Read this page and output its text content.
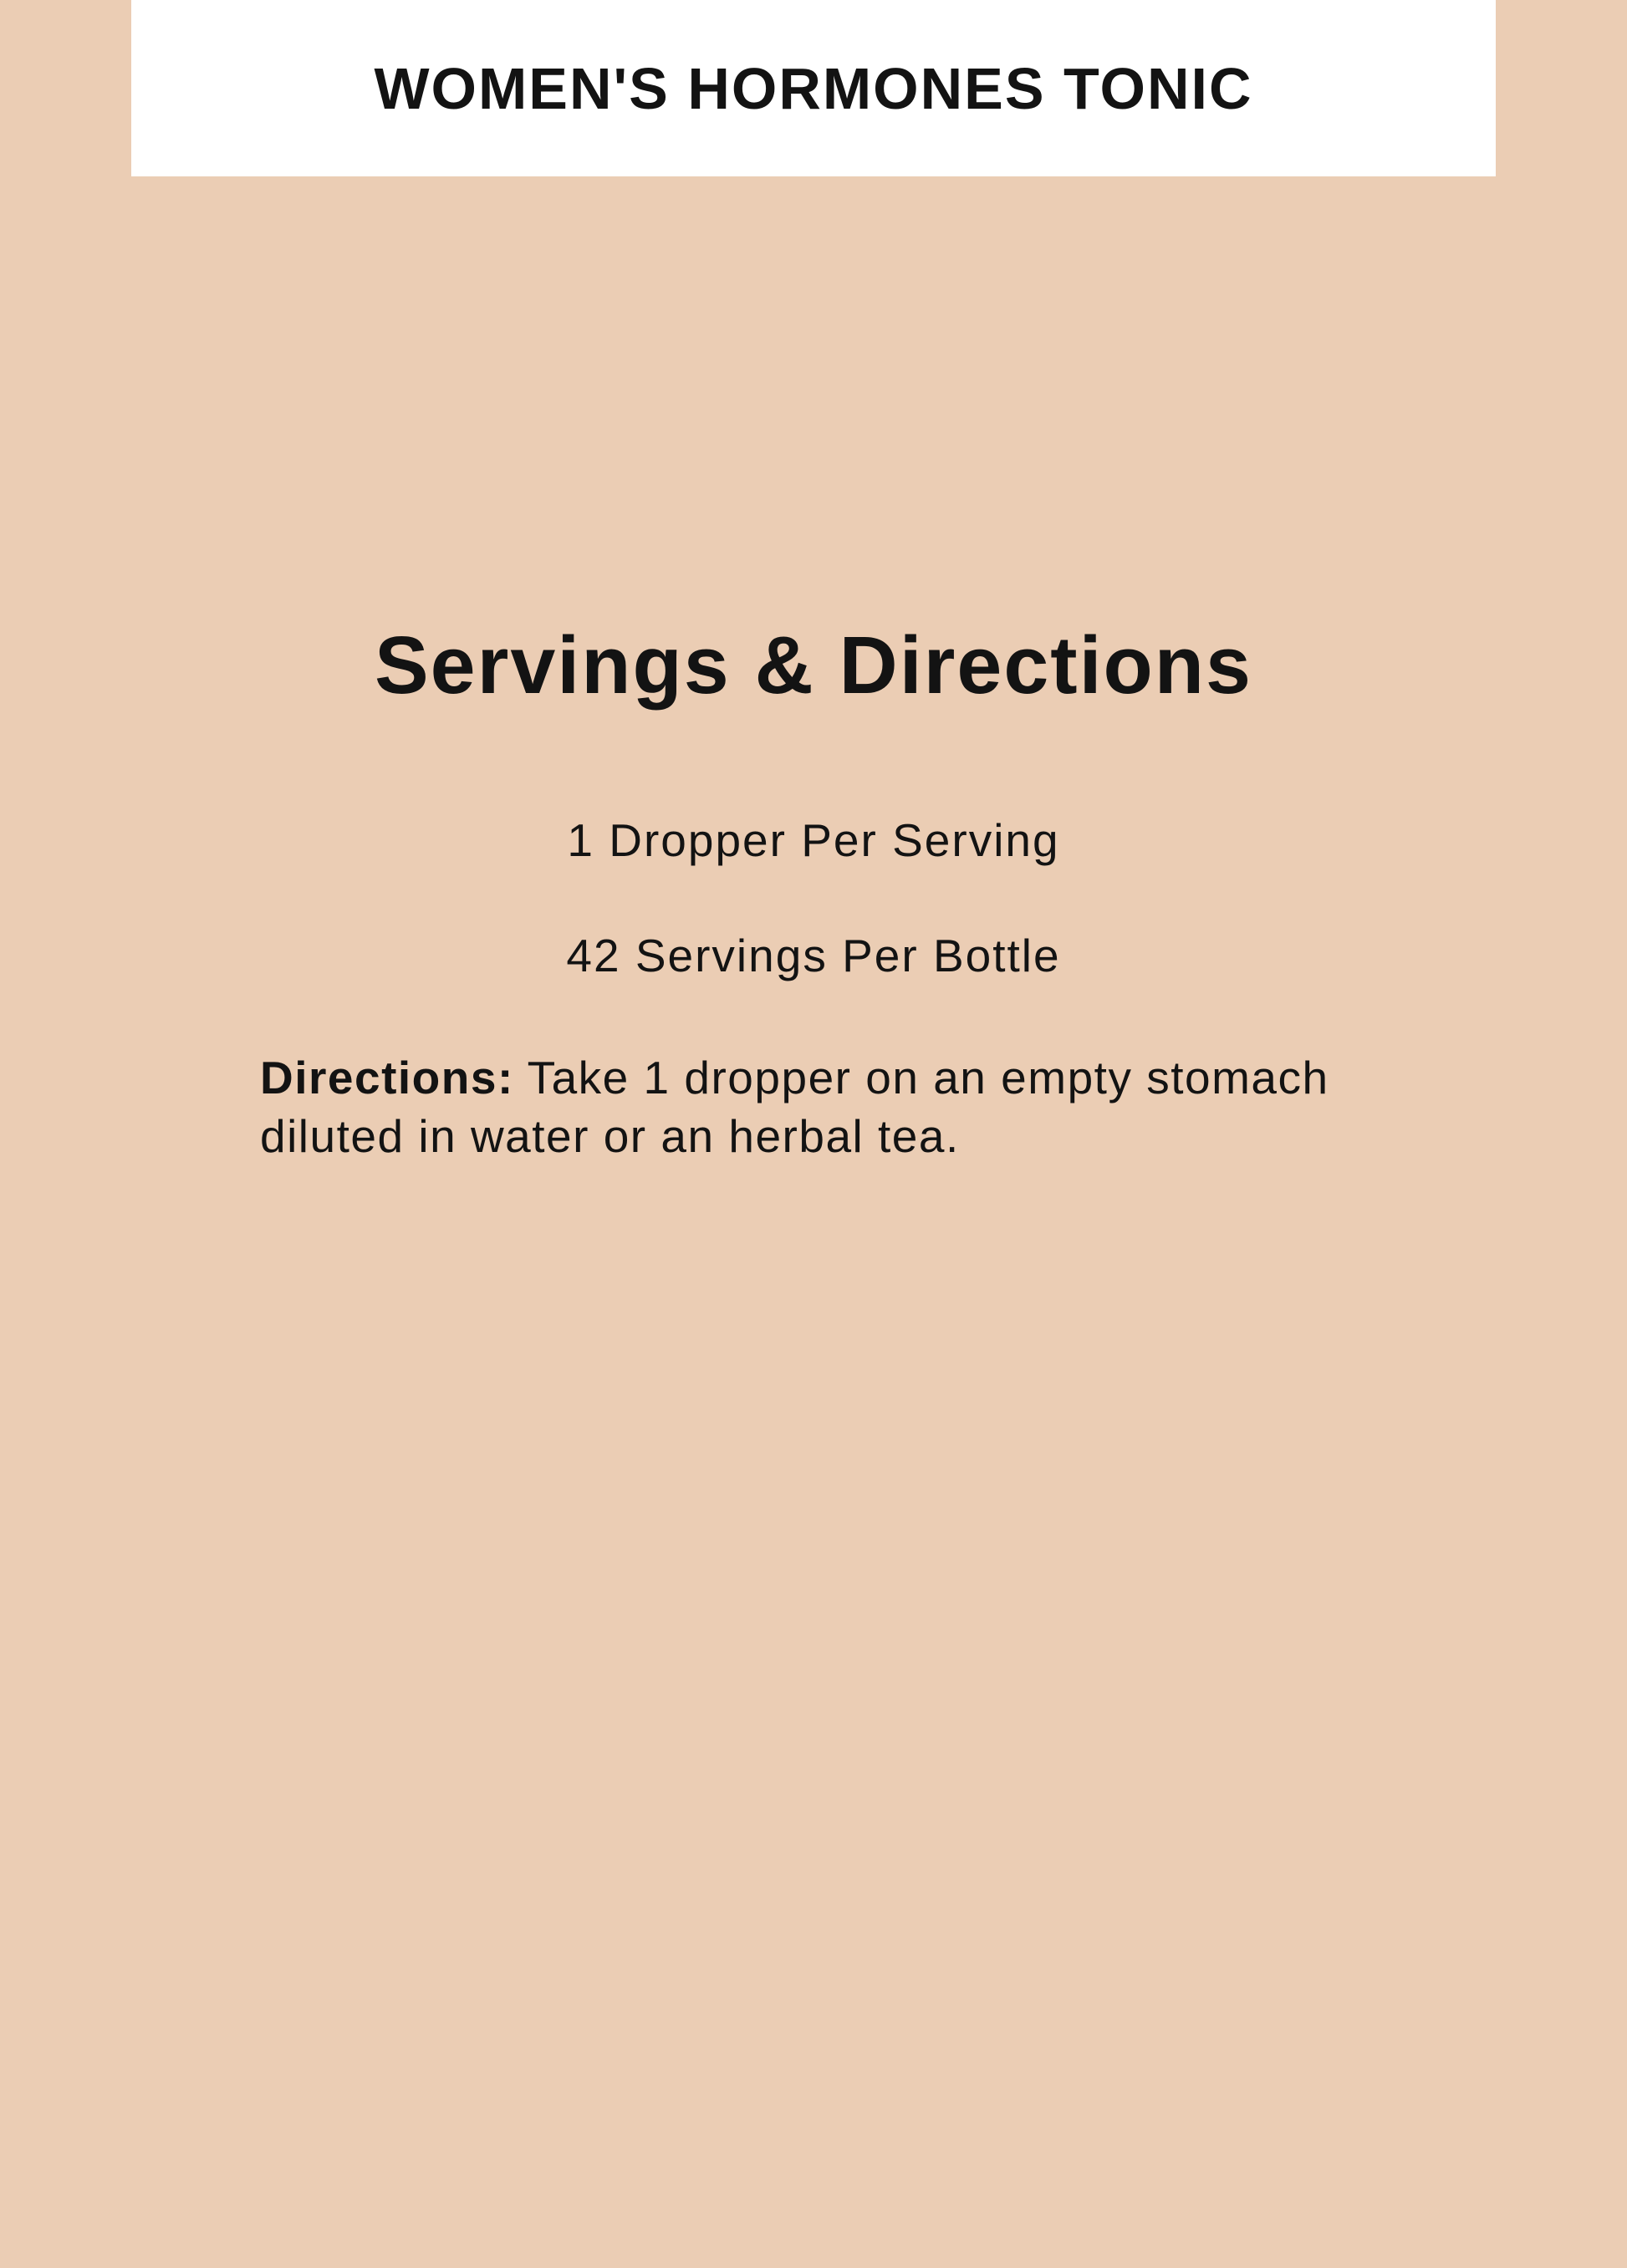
WOMEN'S HORMONES TONIC
Servings & Directions
1 Dropper Per Serving
42 Servings Per Bottle
Directions: Take 1 dropper on an empty stomach
diluted in water or an herbal tea.
